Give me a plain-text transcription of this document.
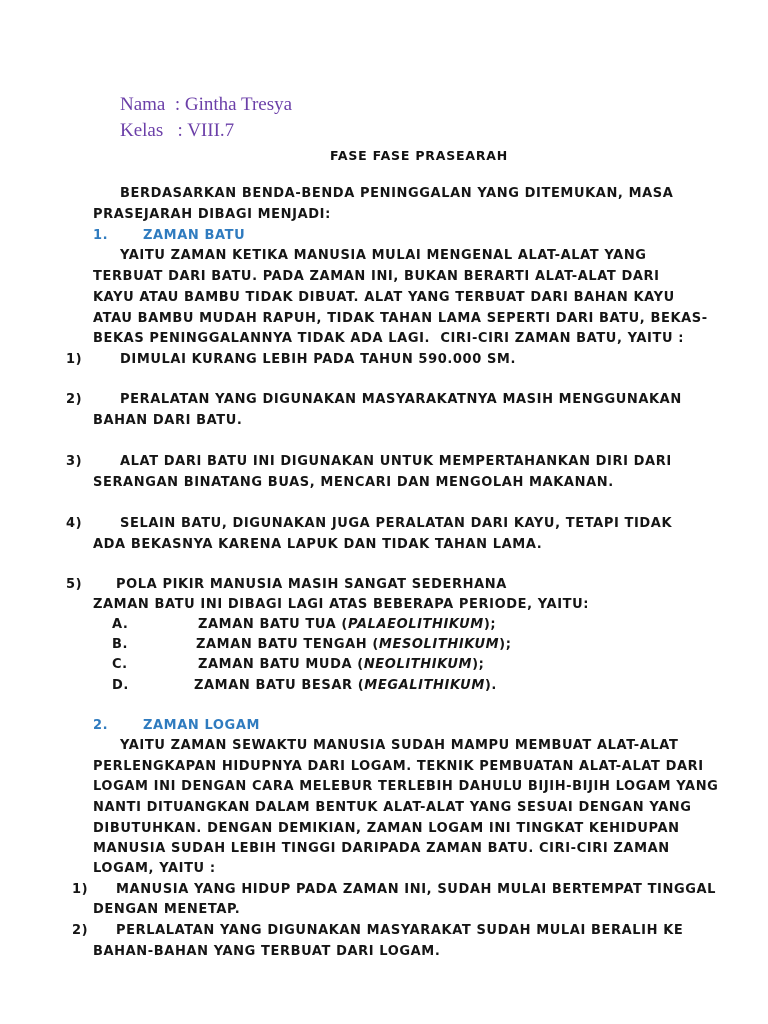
Nama  : Gintha Tresya
Kelas   : VIII.7
FASE FASE PRASEARAH
BERDASARKAN BENDA-BENDA PENINGGALAN YANG DITEMUKAN, MASA
PRASEJARAH DIBAGI MENJADI:
1.	ZAMAN BATU
YAITU ZAMAN KETIKA MANUSIA MULAI MENGENAL ALAT-ALAT YANG
TERBUAT DARI BATU. PADA ZAMAN INI, BUKAN BERARTI ALAT-ALAT DARI
KAYU ATAU BAMBU TIDAK DIBUAT. ALAT YANG TERBUAT DARI BAHAN KAYU
ATAU BAMBU MUDAH RAPUH, TIDAK TAHAN LAMA SEPERTI DARI BATU, BEKAS-
BEKAS PENINGGALANNYA TIDAK ADA LAGI.  CIRI-CIRI ZAMAN BATU, YAITU :
1)	DIMULAI KURANG LEBIH PADA TAHUN 590.000 SM.
2)	PERALATAN YANG DIGUNAKAN MASYARAKATNYA MASIH MENGGUNAKAN
BAHAN DARI BATU.
3)	ALAT DARI BATU INI DIGUNAKAN UNTUK MEMPERTAHANKAN DIRI DARI
SERANGAN BINATANG BUAS, MENCARI DAN MENGOLAH MAKANAN.
4)	SELAIN BATU, DIGUNAKAN JUGA PERALATAN DARI KAYU, TETAPI TIDAK
ADA BEKASNYA KARENA LAPUK DAN TIDAK TAHAN LAMA.
5)	POLA PIKIR MANUSIA MASIH SANGAT SEDERHANA
ZAMAN BATU INI DIBAGI LAGI ATAS BEBERAPA PERIODE, YAITU:
A.	ZAMAN BATU TUA (PALAEOLITHIKUM);
B.	ZAMAN BATU TENGAH (MESOLITHIKUM);
C.	ZAMAN BATU MUDA (NEOLITHIKUM);
D.	ZAMAN BATU BESAR (MEGALITHIKUM).
2.	ZAMAN LOGAM
YAITU ZAMAN SEWAKTU MANUSIA SUDAH MAMPU MEMBUAT ALAT-ALAT
PERLENGKAPAN HIDUPNYA DARI LOGAM. TEKNIK PEMBUATAN ALAT-ALAT DARI
LOGAM INI DENGAN CARA MELEBUR TERLEBIH DAHULU BIJIH-BIJIH LOGAM YANG
NANTI DITUANGKAN DALAM BENTUK ALAT-ALAT YANG SESUAI DENGAN YANG
DIBUTUHKAN. DENGAN DEMIKIAN, ZAMAN LOGAM INI TINGKAT KEHIDUPAN
MANUSIA SUDAH LEBIH TINGGI DARIPADA ZAMAN BATU. CIRI-CIRI ZAMAN
LOGAM, YAITU :
1) MANUSIA YANG HIDUP PADA ZAMAN INI, SUDAH MULAI BERTEMPAT TINGGAL
DENGAN MENETAP.
2) PERLALATAN YANG DIGUNAKAN MASYARAKAT SUDAH MULAI BERALIH KE
BAHAN-BAHAN YANG TERBUAT DARI LOGAM.
